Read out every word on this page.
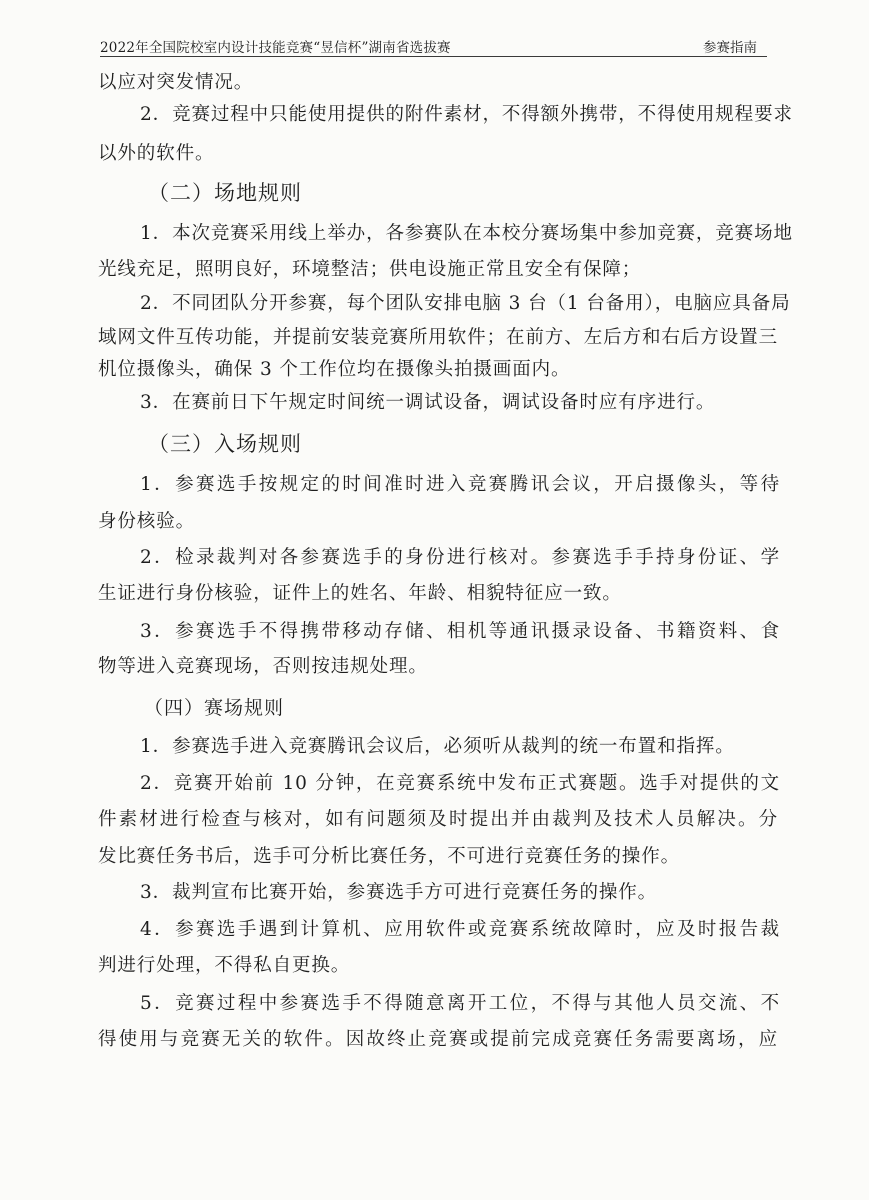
2022年全国院校室内设计技能竞赛“昱信杯”湖南省选拔赛	参赛指南
以应对突发情况。
2．竞赛过程中只能使用提供的附件素材，不得额外携带，不得使用规程要求
以外的软件。
（二）场地规则
1．本次竞赛采用线上举办，各参赛队在本校分赛场集中参加竞赛，竞赛场地
光线充足，照明良好，环境整洁；供电设施正常且安全有保障；
2．不同团队分开参赛，每个团队安排电脑 3 台（1 台备用），电脑应具备局
域网文件互传功能，并提前安装竞赛所用软件；在前方、左后方和右后方设置三
机位摄像头，确保 3 个工作位均在摄像头拍摄画面内。
3．在赛前日下午规定时间统一调试设备，调试设备时应有序进行。
（三）入场规则
1．参赛选手按规定的时间准时进入竞赛腾讯会议，开启摄像头，等待
身份核验。
2．检录裁判对各参赛选手的身份进行核对。参赛选手手持身份证、学
生证进行身份核验，证件上的姓名、年龄、相貌特征应一致。
3．参赛选手不得携带移动存储、相机等通讯摄录设备、书籍资料、食
物等进入竞赛现场，否则按违规处理。
（四）赛场规则
1．参赛选手进入竞赛腾讯会议后，必须听从裁判的统一布置和指挥。
2．竞赛开始前 10 分钟，在竞赛系统中发布正式赛题。选手对提供的文
件素材进行检查与核对，如有问题须及时提出并由裁判及技术人员解决。分
发比赛任务书后，选手可分析比赛任务，不可进行竞赛任务的操作。
3．裁判宣布比赛开始，参赛选手方可进行竞赛任务的操作。
4．参赛选手遇到计算机、应用软件或竞赛系统故障时，应及时报告裁
判进行处理，不得私自更换。
5．竞赛过程中参赛选手不得随意离开工位，不得与其他人员交流、不
得使用与竞赛无关的软件。因故终止竞赛或提前完成竞赛任务需要离场，应
